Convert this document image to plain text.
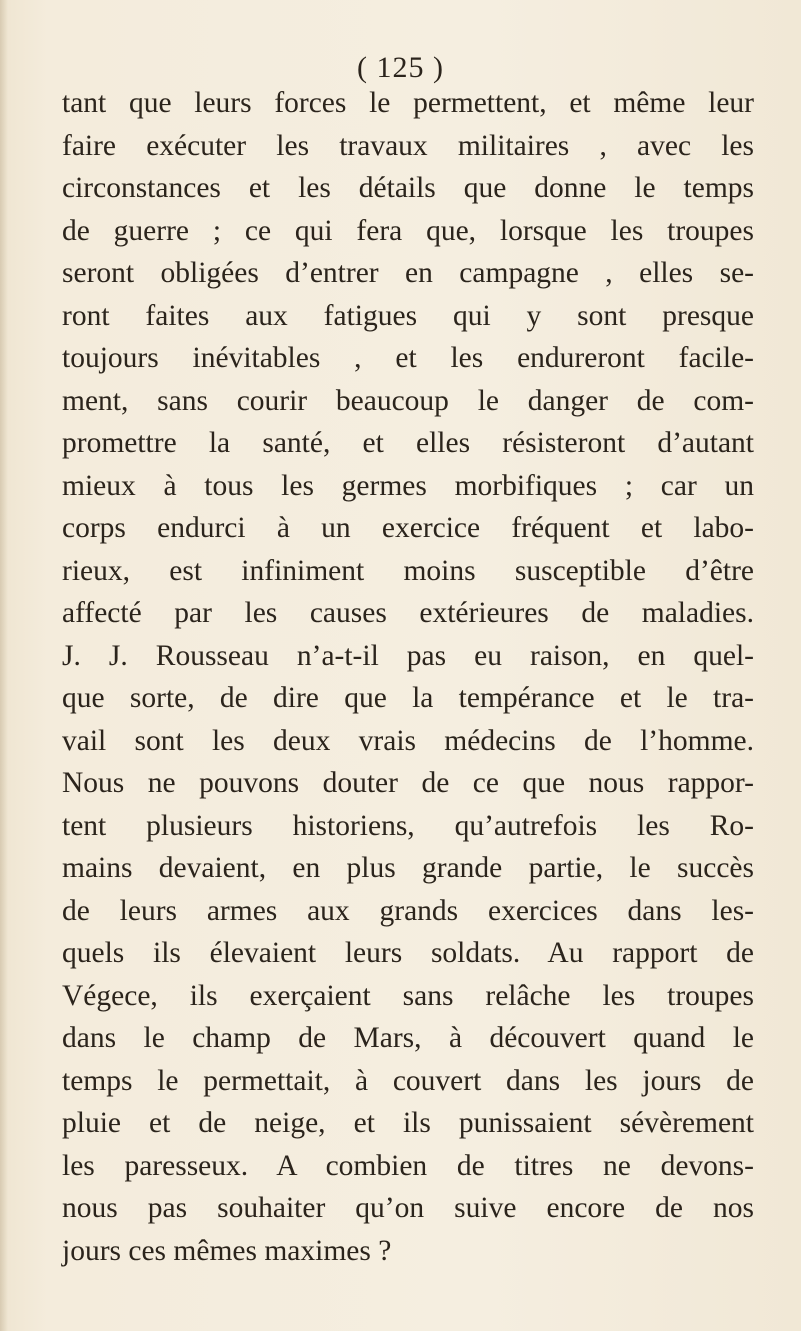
( 125 )
tant que leurs forces le permettent, et même leur
faire exécuter les travaux militaires , avec les
circonstances et les détails que donne le temps
de guerre ; ce qui fera que, lorsque les troupes
seront obligées d’entrer en campagne , elles se-
ront faites aux fatigues qui y sont presque
toujours inévitables , et les endureront facile-
ment, sans courir beaucoup le danger de com-
promettre la santé, et elles résisteront d’autant
mieux à tous les germes morbifiques ; car un
corps endurci à un exercice fréquent et labo-
rieux, est infiniment moins susceptible d’être
affecté par les causes extérieures de maladies.
J. J. Rousseau n’a-t-il pas eu raison, en quel-
que sorte, de dire que la tempérance et le tra-
vail sont les deux vrais médecins de l’homme.
Nous ne pouvons douter de ce que nous rappor-
tent plusieurs historiens, qu’autrefois les Ro-
mains devaient, en plus grande partie, le succès
de leurs armes aux grands exercices dans les-
quels ils élevaient leurs soldats. Au rapport de
Végece, ils exerçaient sans relâche les troupes
dans le champ de Mars, à découvert quand le
temps le permettait, à couvert dans les jours de
pluie et de neige, et ils punissaient sévèrement
les paresseux. A combien de titres ne devons-
nous pas souhaiter qu’on suive encore de nos
jours ces mêmes maximes ?
